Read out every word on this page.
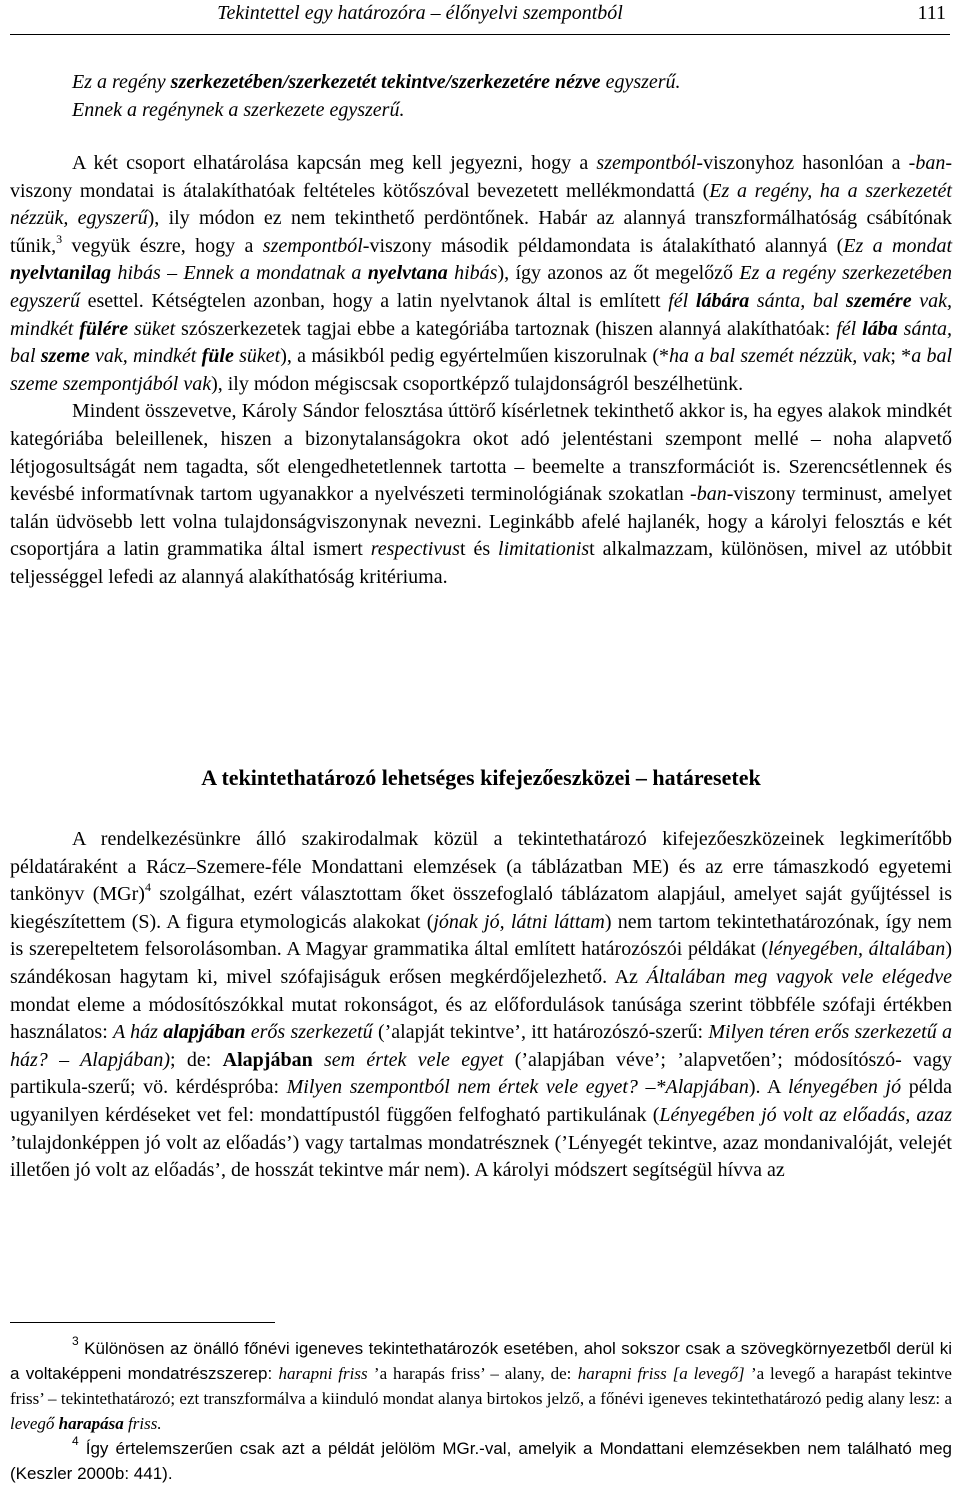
Tekintettel egy határozóra – élőnyelvi szempontból	111

Ez a regény szerkezetében/szerkezetét tekintve/szerkezetére nézve egyszerű.

Ennek a regénynek a szerkezete egyszerű.

A két csoport elhatárolása kapcsán meg kell jegyezni, hogy a szempontból-viszonyhoz hasonlóan a -ban-viszony mondatai is átalakíthatóak feltételes kötőszóval bevezetett mellékmondattá (Ez a regény, ha a szerkezetét nézzük, egyszerű), ily módon ez nem tekinthető perdöntőnek. Habár az alannyá transzformálhatóság csábítónak tűnik,$^3$ vegyük észre, hogy a szempontból-viszony második példamondata is átalakítható alannyá (Ez a mondat nyelvtanilag hibás – Ennek a mondatnak a nyelvtana hibás), így azonos az őt megelőző Ez a regény szerkezetében egyszerű esettel. Kétségtelen azonban, hogy a latin nyelvtanok által is említett fél lábára sánta, bal szemére vak, mindkét fülére süket szószerkezetek tagjai ebbe a kategóriába tartoznak (hiszen alannyá alakíthatóak: fél lába sánta, bal szeme vak, mindkét füle süket), a másikból pedig egyértelműen kiszorulnak (*ha a bal szemét nézzük, vak; *a bal szeme szempontjából vak), ily módon mégiscsak csoportképző tulajdonságról beszélhetünk.

Mindent összevetve, Károly Sándor felosztása úttörő kísérletnek tekinthető akkor is, ha egyes alakok mindkét kategóriába beleillenek, hiszen a bizonytalanságokra okot adó jelentéstani szempont mellé – noha alapvető létjogosultságát nem tagadta, sőt elengedhetetlennek tartotta – beemelte a transzformációt is. Szerencsétlennek és kevésbé informatívnak tartom ugyanakkor a nyelvészeti terminológiának szokatlan -ban-viszony terminust, amelyet talán üdvösebb lett volna tulajdonságviszonynak nevezni. Leginkább afelé hajlanék, hogy a károlyi felosztás e két csoportjára a latin grammatika által ismert respectivust és limitationist alkalmazzam, különösen, mivel az utóbbit teljességgel lefedi az alannyá alakíthatóság kritériuma.

A tekintethatározó lehetséges kifejezőeszközei – határesetek

A rendelkezésünkre álló szakirodalmak közül a tekintethatározó kifejezőeszközeinek legkimerítőbb példatáraként a Rácz–Szemere-féle Mondattani elemzések (a táblázatban ME) és az erre támaszkodó egyetemi tankönyv (MGr)$^4$ szolgálhat, ezért választottam őket összefoglaló táblázatom alapjául, amelyet saját gyűjtéssel is kiegészítettem (S). A figura etymologicás alakokat (jónak jó, látni láttam) nem tartom tekintethatározónak, így nem is szerepeltetem felsorolásomban. A Magyar grammatika által említett határozószói példákat (lényegében, általában) szándékosan hagytam ki, mivel szófajiságuk erősen megkérdőjelezhető. Az Általában meg vagyok vele elégedve mondat eleme a módosítószókkal mutat rokonságot, és az előfordulások tanúsága szerint többféle szófaji értékben használatos: A ház alapjában erős szerkezetű (’alapját tekintve’, itt határozószó-szerű: Milyen téren erős szerkezetű a ház? – Alapjában); de: Alapjában sem értek vele egyet (’alapjában véve’; ’alapvetően’; módosítószó- vagy partikula-szerű; vö. kérdéspróba: Milyen szempontból nem értek vele egyet? –*Alapjában). A lényegében jó példa ugyanilyen kérdéseket vet fel: mondattípustól függően felfogható partikulának (Lényegében jó volt az előadás, azaz ’tulajdonképpen jó volt az előadás’) vagy tartalmas mondatrésznek (’Lényegét tekintve, azaz mondanivalóját, velejét illetően jó volt az előadás’, de hosszát tekintve már nem). A károlyi módszert segítségül hívva az

$^3$ Különösen az önálló főnévi igeneves tekintethatározók esetében, ahol sokszor csak a szövegkörnyezetből derül ki a voltaképpeni mondatrészszerep: harapni friss ’a harapás friss’ – alany, de: harapni friss [a levegő] ’a levegő a harapást tekintve friss’ – tekintethatározó; ezt transzformálva a kiinduló mondat alanya birtokos jelző, a főnévi igeneves tekintethatározó pedig alany lesz: a levegő harapása friss.

$^4$ Így értelemszerűen csak azt a példát jelölöm MGr.-val, amelyik a Mondattani elemzésekben nem található meg (Keszler 2000b: 441).
